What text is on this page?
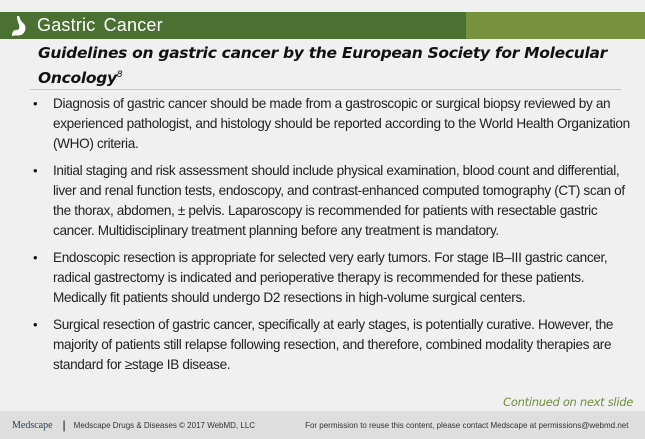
Gastric Cancer
Guidelines on gastric cancer by the European Society for Molecular Oncology$^8$
• Diagnosis of gastric cancer should be made from a gastroscopic or surgical biopsy reviewed by an experienced pathologist, and histology should be reported according to the World Health Organization (WHO) criteria.
• Initial staging and risk assessment should include physical examination, blood count and differential, liver and renal function tests, endoscopy, and contrast-enhanced computed tomography (CT) scan of the thorax, abdomen, ± pelvis. Laparoscopy is recommended for patients with resectable gastric cancer. Multidisciplinary treatment planning before any treatment is mandatory.
• Endoscopic resection is appropriate for selected very early tumors. For stage IB–III gastric cancer, radical gastrectomy is indicated and perioperative therapy is recommended for these patients. Medically fit patients should undergo D2 resections in high-volume surgical centers.
• Surgical resection of gastric cancer, specifically at early stages, is potentially curative. However, the majority of patients still relapse following resection, and therefore, combined modality therapies are standard for ≥stage IB disease.
Continued on next slide
Medscape | Medscape Drugs & Diseases © 2017 WebMD, LLC	For permission to reuse this content, please contact Medscape at permissions@webmd.net
